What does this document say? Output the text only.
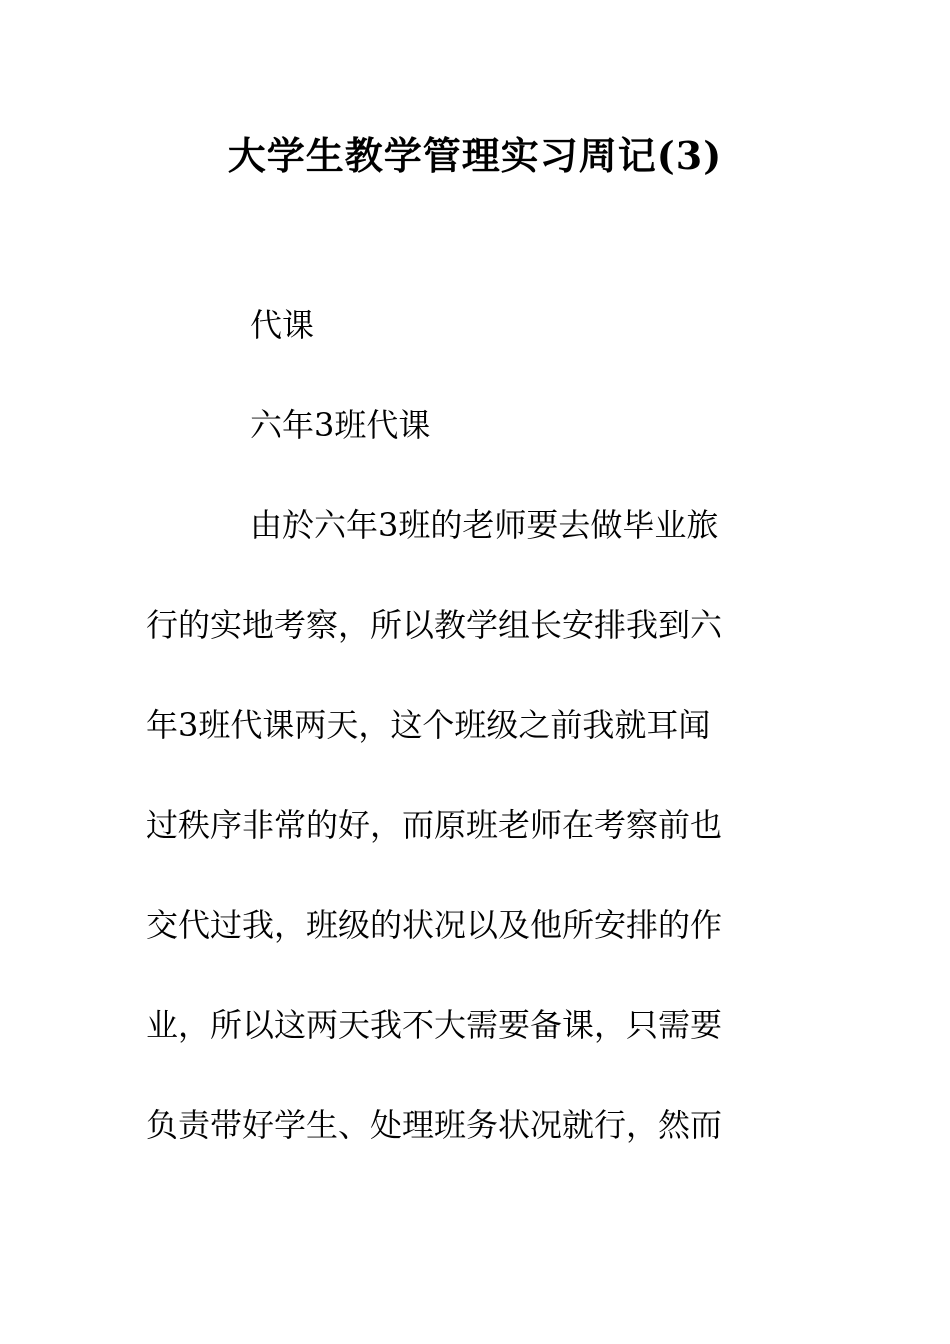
大学生教学管理实习周记(3)

代课

六年3班代课

由於六年3班的老师要去做毕业旅
行的实地考察，所以教学组长安排我到六
年3班代课两天，这个班级之前我就耳闻
过秩序非常的好，而原班老师在考察前也
交代过我，班级的状况以及他所安排的作
业，所以这两天我不大需要备课，只需要
负责带好学生、处理班务状况就行，然而
